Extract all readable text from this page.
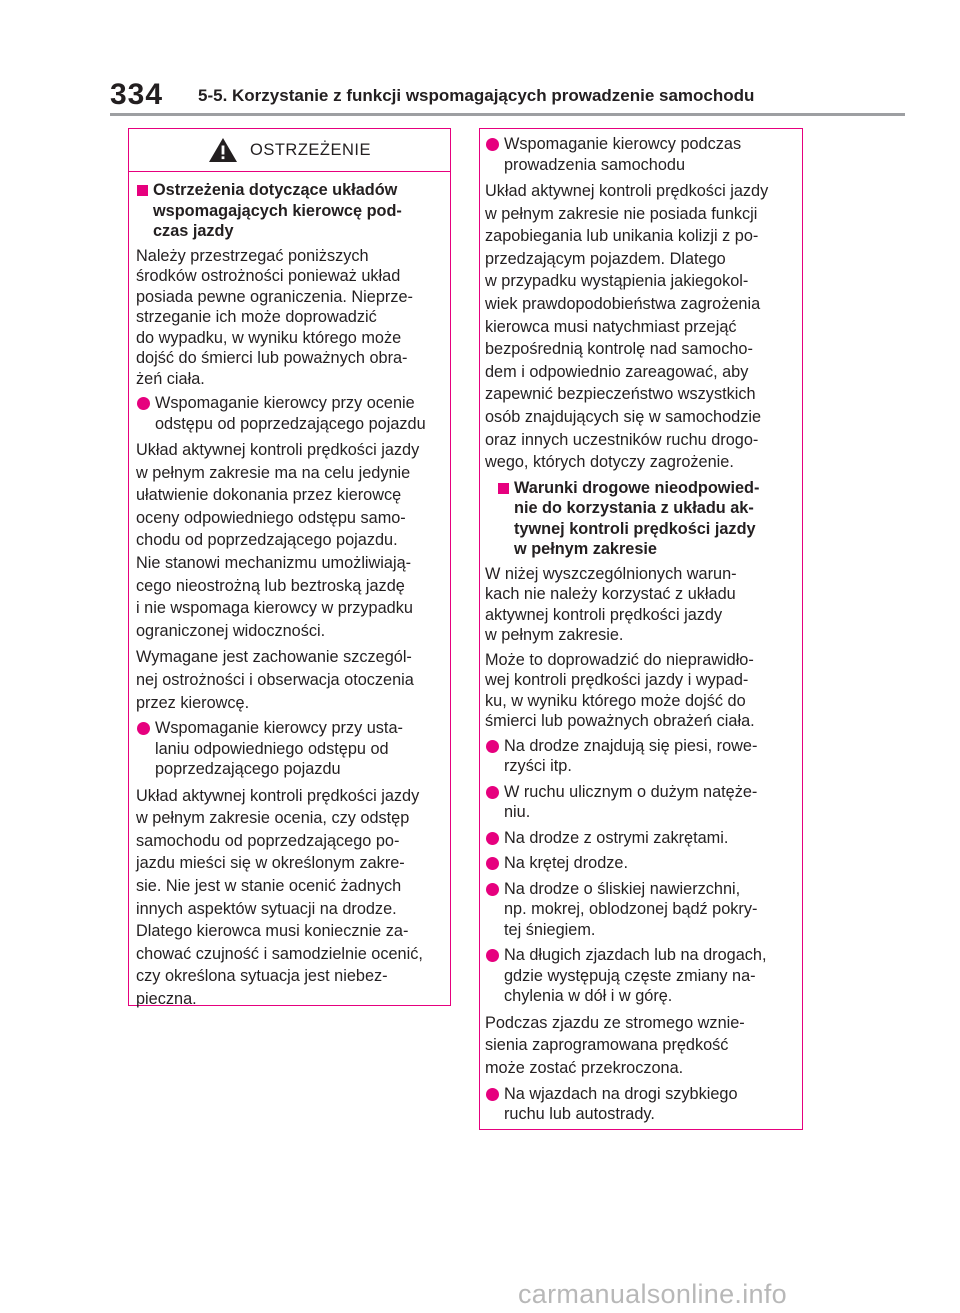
334 5-5. Korzystanie z funkcji wspomagających prowadzenie samochodu
OSTRZEŻENIE
Ostrzeżenia dotyczące układów
wspomagających kierowcę pod-
czas jazdy
Należy przestrzegać poniższych
środków ostrożności ponieważ układ
posiada pewne ograniczenia. Nieprze-
strzeganie ich może doprowadzić
do wypadku, w wyniku którego może
dojść do śmierci lub poważnych obra-
żeń ciała.
Wspomaganie kierowcy przy ocenie
odstępu od poprzedzającego pojazdu
Układ aktywnej kontroli prędkości jazdy
w pełnym zakresie ma na celu jedynie
ułatwienie dokonania przez kierowcę
oceny odpowiedniego odstępu samo-
chodu od poprzedzającego pojazdu.
Nie stanowi mechanizmu umożliwiają-
cego nieostrożną lub beztroską jazdę
i nie wspomaga kierowcy w przypadku
ograniczonej widoczności.
Wymagane jest zachowanie szczegól-
nej ostrożności i obserwacja otoczenia
przez kierowcę.
Wspomaganie kierowcy przy usta-
laniu odpowiedniego odstępu od
poprzedzającego pojazdu
Układ aktywnej kontroli prędkości jazdy
w pełnym zakresie ocenia, czy odstęp
samochodu od poprzedzającego po-
jazdu mieści się w określonym zakre-
sie. Nie jest w stanie ocenić żadnych
innych aspektów sytuacji na drodze.
Dlatego kierowca musi koniecznie za-
chować czujność i samodzielnie ocenić,
czy określona sytuacja jest niebez-
pieczna.
Wspomaganie kierowcy podczas
prowadzenia samochodu
Układ aktywnej kontroli prędkości jazdy
w pełnym zakresie nie posiada funkcji
zapobiegania lub unikania kolizji z po-
przedzającym pojazdem. Dlatego
w przypadku wystąpienia jakiegokol-
wiek prawdopodobieństwa zagrożenia
kierowca musi natychmiast przejąć
bezpośrednią kontrolę nad samocho-
dem i odpowiednio zareagować, aby
zapewnić bezpieczeństwo wszystkich
osób znajdujących się w samochodzie
oraz innych uczestników ruchu drogo-
wego, których dotyczy zagrożenie.
Warunki drogowe nieodpowied-
nie do korzystania z układu ak-
tywnej kontroli prędkości jazdy
w pełnym zakresie
W niżej wyszczególnionych warun-
kach nie należy korzystać z układu
aktywnej kontroli prędkości jazdy
w pełnym zakresie.
Może to doprowadzić do nieprawidło-
wej kontroli prędkości jazdy i wypad-
ku, w wyniku którego może dojść do
śmierci lub poważnych obrażeń ciała.
Na drodze znajdują się piesi, rowe-
rzyści itp.
W ruchu ulicznym o dużym natęże-
niu.
Na drodze z ostrymi zakrętami.
Na krętej drodze.
Na drodze o śliskiej nawierzchni,
np. mokrej, oblodzonej bądź pokry-
tej śniegiem.
Na długich zjazdach lub na drogach,
gdzie występują częste zmiany na-
chylenia w dół i w górę.
Podczas zjazdu ze stromego wznie-
sienia zaprogramowana prędkość
może zostać przekroczona.
Na wjazdach na drogi szybkiego
ruchu lub autostrady.
carmanualsonline.info
